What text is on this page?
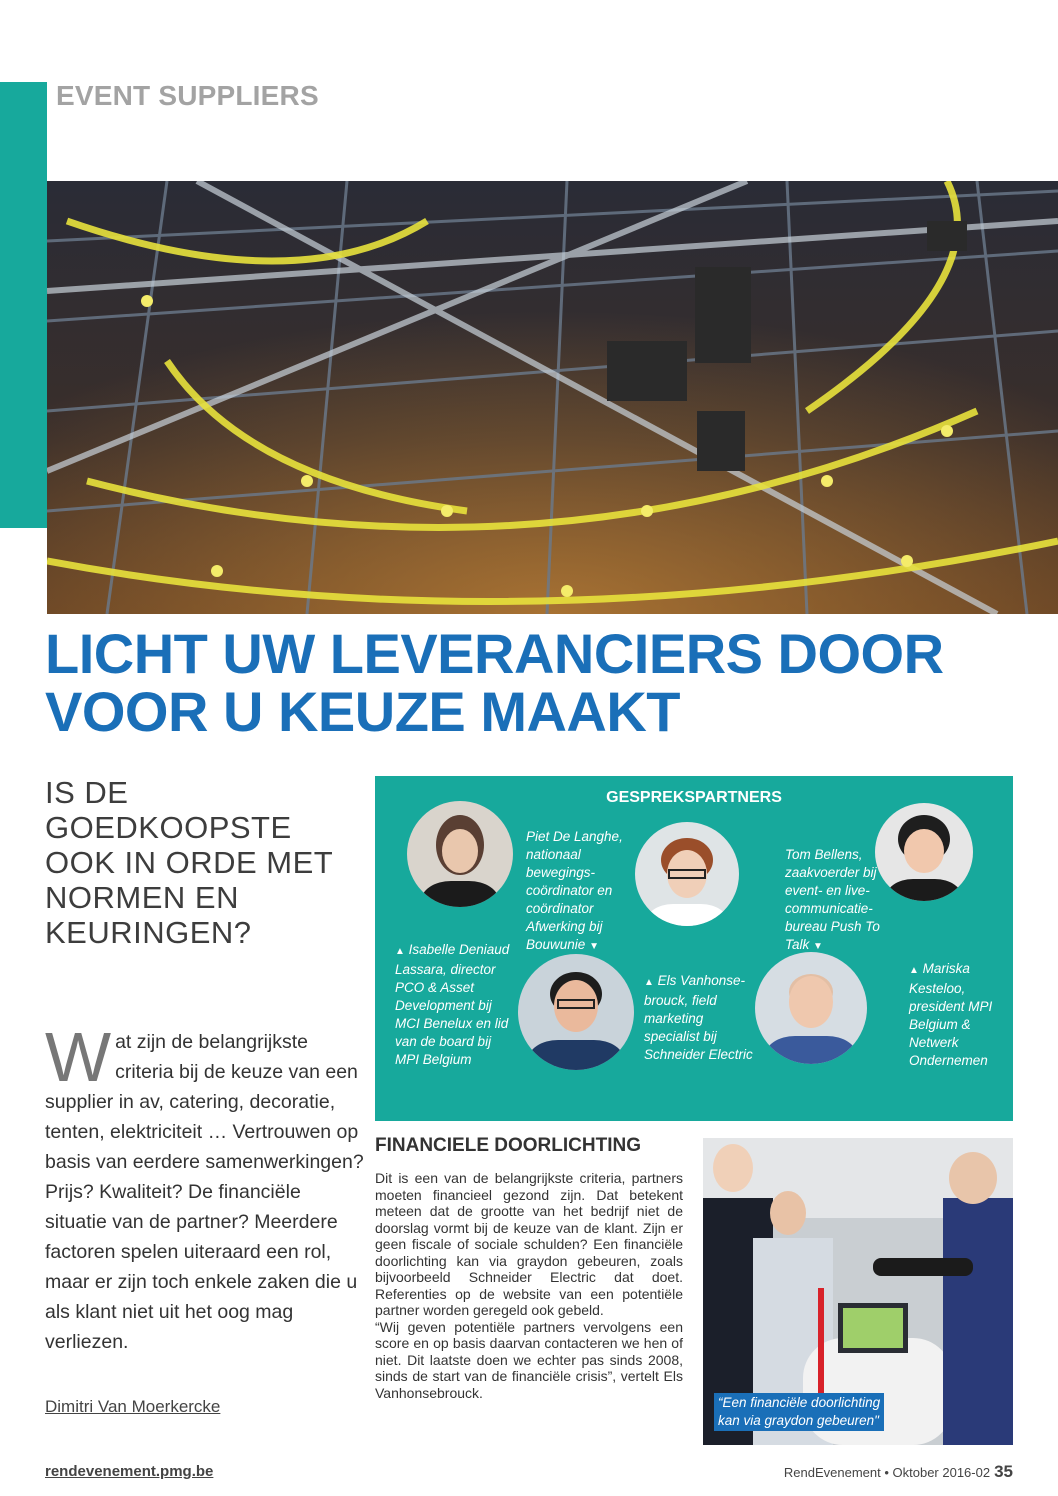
EVENT SUPPLIERS
LICHT UW LEVERANCIERS DOOR
VOOR U KEUZE MAAKT
IS DE GOEDKOOPSTE OOK IN ORDE MET NORMEN EN KEURINGEN?
Wat zijn de belangrijkste criteria bij de keuze van een supplier in av, catering, decoratie, tenten, elektriciteit … Vertrouwen op basis van eerdere samenwerkingen? Prijs? Kwaliteit? De financiële situatie van de partner? Meerdere factoren spelen uiteraard een rol, maar er zijn toch enkele zaken die u als klant niet uit het oog mag verliezen.
Dimitri Van Moerkercke
GESPREKSPARTNERS
▲ Isabelle Deniaud Lassara, director PCO & Asset Development bij MCI Benelux en lid van de board bij MPI Belgium
Piet De Langhe, nationaal bewegings-coördinator en coördinator Afwerking bij Bouwunie ▼
▲ Els Vanhonse-brouck, field marketing specialist bij Schneider Electric
Tom Bellens, zaakvoerder bij event- en live-communicatie-bureau Push To Talk ▼
▲ Mariska Kesteloo, president MPI Belgium & Netwerk Ondernemen
FINANCIELE DOORLICHTING

Dit is een van de belangrijkste criteria, partners moeten financieel gezond zijn. Dat betekent meteen dat de grootte van het bedrijf niet de doorslag vormt bij de keuze van de klant. Zijn er geen fiscale of sociale schulden? Een financiële doorlichting kan via graydon gebeuren, zoals bijvoorbeeld Schneider Electric dat doet. Referenties op de website van een potentiële partner worden geregeld ook gebeld.

“Wij geven potentiële partners vervolgens een score en op basis daarvan contacteren we hen of niet. Dit laatste doen we echter pas sinds 2008, sinds de start van de financiële crisis”, vertelt Els Vanhonsebrouck.

“Een financiële doorlichting
kan via graydon gebeuren"
rendevenement.pmg.be	RendEvenement • Oktober 2016-02 35
